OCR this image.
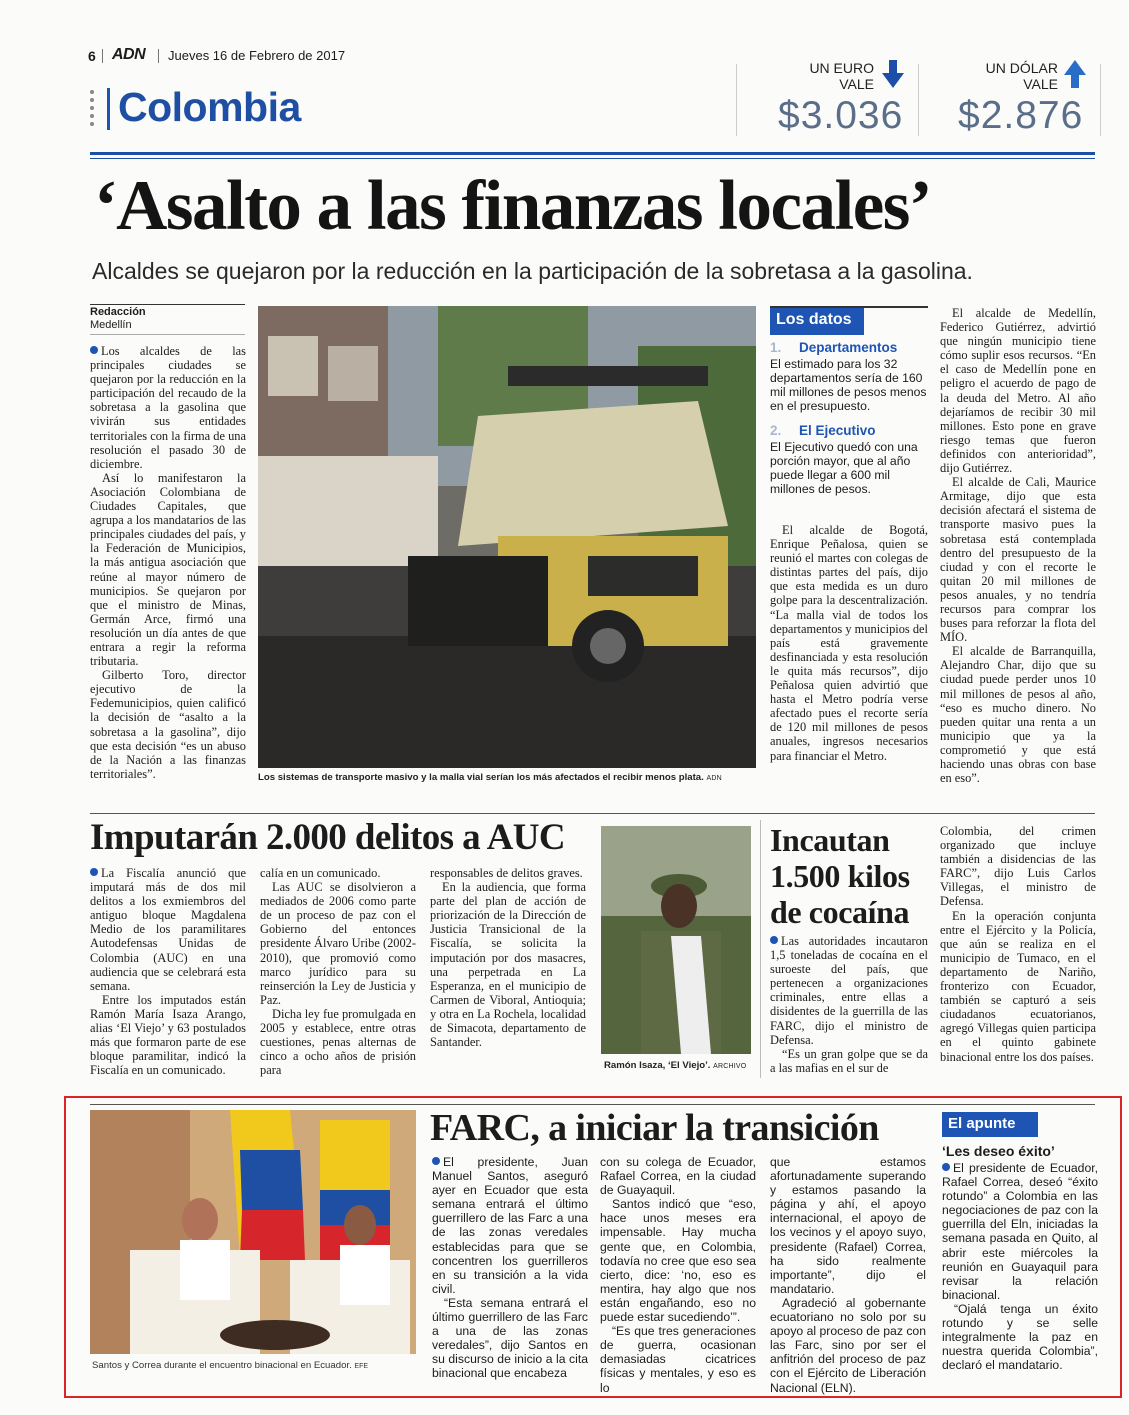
6 ADN Jueves 16 de Febrero de 2017
Colombia
UN EURO
VALE
$3.036
UN DÓLAR
VALE
$2.876
‘Asalto a las finanzas locales’
Alcaldes se quejaron por la reducción en la participación de la sobretasa a la gasolina.
Redacción
Medellín

Los alcaldes de las principales ciudades se quejaron por la reducción en la participación del recaudo de la sobretasa a la gasolina que vivirán sus entidades territoriales con la firma de una resolución el pasado 30 de diciembre.

Así lo manifestaron la Asociación Colombiana de Ciudades Capitales, que agrupa a los mandatarios de las principales ciudades del país, y la Federación de Municipios, la más antigua asociación que reúne al mayor número de municipios. Se quejaron por que el ministro de Minas, Germán Arce, firmó una resolución un día antes de que entrara a regir la reforma tributaria.

Gilberto Toro, director ejecutivo de la Fedemunicipios, quien calificó la decisión de “asalto a la sobretasa a la gasolina”, dijo que esta decisión “es un abuso de la Nación a las finanzas territoriales”.	Los sistemas de transporte masivo y la malla vial serían los más afectados el recibir menos plata. ADN
Los datos
1. Departamentos
El estimado para los 32 departamentos sería de 160 mil millones de pesos menos en el presupuesto.
2. El Ejecutivo
El Ejecutivo quedó con una porción mayor, que al año puede llegar a 600 mil millones de pesos.

El alcalde de Bogotá, Enrique Peñalosa, quien se reunió el martes con colegas de distintas partes del país, dijo que esta medida es un duro golpe para la descentralización. “La malla vial de todos los departamentos y municipios del país está gravemente desfinanciada y esta resolución le quita más recursos”, dijo Peñalosa quien advirtió que hasta el Metro podría verse afectado pues el recorte sería de 120 mil millones de pesos anuales, ingresos necesarios para financiar el Metro.

El alcalde de Medellín, Federico Gutiérrez, advirtió que ningún municipio tiene cómo suplir esos recursos. “En el caso de Medellín pone en peligro el acuerdo de pago de la deuda del Metro. Al año dejaríamos de recibir 30 mil millones. Esto pone en grave riesgo temas que fueron definidos con anterioridad”, dijo Gutiérrez.

El alcalde de Cali, Maurice Armitage, dijo que esta decisión afectará el sistema de transporte masivo pues la sobretasa está contemplada dentro del presupuesto de la ciudad y con el recorte le quitan 20 mil millones de pesos anuales, y no tendría recursos para comprar los buses para reforzar la flota del MÍO.

El alcalde de Barranquilla, Alejandro Char, dijo que su ciudad puede perder unos 10 mil millones de pesos al año, “eso es mucho dinero. No pueden quitar una renta a un municipio que ya la comprometió y que está haciendo unas obras con base en eso”.

Imputarán 2.000 delitos a AUC

La Fiscalía anunció que imputará más de dos mil delitos a los exmiembros del antiguo bloque Magdalena Medio de los paramilitares Autodefensas Unidas de Colombia (AUC) en una audiencia que se celebrará esta semana.

Entre los imputados están Ramón María Isaza Arango, alias ‘El Viejo’ y 63 postulados más que formaron parte de ese bloque paramilitar, indicó la Fiscalía en un comunicado.

calía en un comunicado.

Las AUC se disolvieron a mediados de 2006 como parte de un proceso de paz con el Gobierno del entonces presidente Álvaro Uribe (2002-2010), que promovió como marco jurídico para su reinserción la Ley de Justicia y Paz.

Dicha ley fue promulgada en 2005 y establece, entre otras cuestiones, penas alternas de cinco a ocho años de prisión para

responsables de delitos graves.

En la audiencia, que forma parte del plan de acción de priorización de la Dirección de Justicia Transicional de la Fiscalía, se solicita la imputación por dos masacres, una perpetrada en La Esperanza, en el municipio de Carmen de Viboral, Antioquia; y otra en La Rochela, localidad de Simacota, departamento de Santander.

Ramón Isaza, ‘El Viejo’. ARCHIVO
Incautan 1.500 kilos de cocaína

Las autoridades incautaron 1,5 toneladas de cocaína en el suroeste del país, que pertenecen a organizaciones criminales, entre ellas a disidentes de la guerrilla de las FARC, dijo el ministro de Defensa.

“Es un gran golpe que se da a las mafias en el sur de

Colombia, del crimen organizado que incluye también a disidencias de las FARC”, dijo Luis Carlos Villegas, el ministro de Defensa.

En la operación conjunta entre el Ejército y la Policía, que aún se realiza en el municipio de Tumaco, en el departamento de Nariño, fronterizo con Ecuador, también se capturó a seis ciudadanos ecuatorianos, agregó Villegas quien participa en el quinto gabinete binacional entre los dos países.

Santos y Correa durante el encuentro binacional en Ecuador. EFE
FARC, a iniciar la transición

El presidente, Juan Manuel Santos, aseguró ayer en Ecuador que esta semana entrará el último guerrillero de las Farc a una de las zonas veredales establecidas para que se concentren los guerrilleros en su transición a la vida civil.

“Esta semana entrará el último guerrillero de las Farc a una de las zonas veredales”, dijo Santos en su discurso de inicio a la cita binacional que encabeza

con su colega de Ecuador, Rafael Correa, en la ciudad de Guayaquil.

Santos indicó que “eso, hace unos meses era impensable. Hay mucha gente que, en Colombia, todavía no cree que eso sea cierto, dice: ‘no, eso es mentira, hay algo que nos están engañando, eso no puede estar sucediendo’”.

“Es que tres generaciones de guerra, ocasionan demasiadas cicatrices físicas y mentales, y eso es lo

que estamos afortunadamente superando y estamos pasando la página y ahí, el apoyo internacional, el apoyo de los vecinos y el apoyo suyo, presidente (Rafael) Correa, ha sido realmente importante”, dijo el mandatario.

Agradeció al gobernante ecuatoriano no solo por su apoyo al proceso de paz con las Farc, sino por ser el anfitrión del proceso de paz con el Ejército de Liberación Nacional (ELN).

El apunte
‘Les deseo éxito’

El presidente de Ecuador, Rafael Correa, deseó “éxito rotundo” a Colombia en las negociaciones de paz con la guerrilla del Eln, iniciadas la semana pasada en Quito, al abrir este miércoles la reunión en Guayaquil para revisar la relación binacional.

“Ojalá tenga un éxito rotundo y se selle integralmente la paz en nuestra querida Colombia”, declaró el mandatario.
